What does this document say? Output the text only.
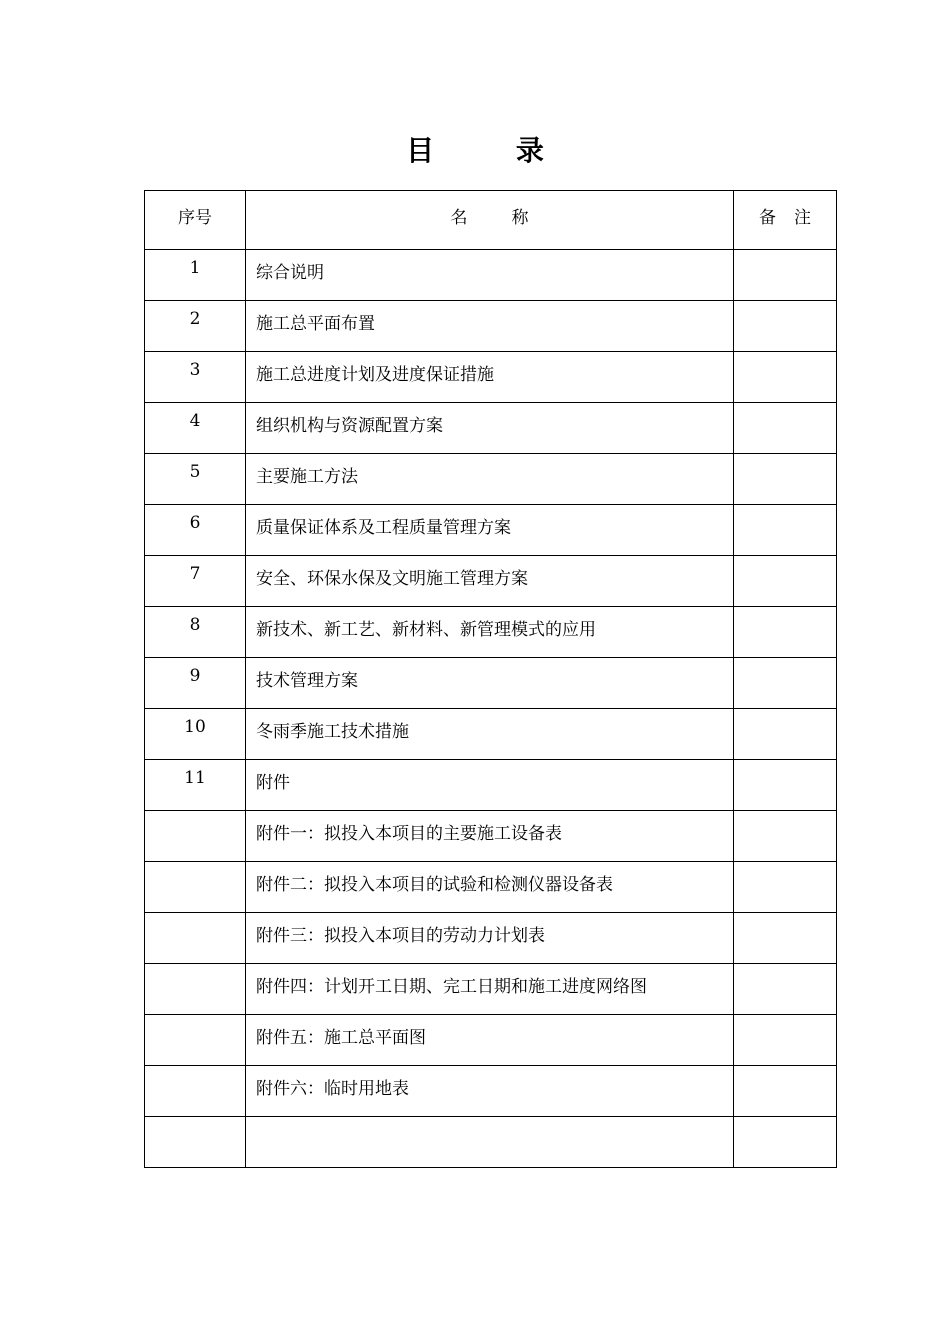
目 录
序号	名称	备注
1	综合说明	
2	施工总平面布置	
3	施工总进度计划及进度保证措施	
4	组织机构与资源配置方案	
5	主要施工方法	
6	质量保证体系及工程质量管理方案	
7	安全、环保水保及文明施工管理方案	
8	新技术、新工艺、新材料、新管理模式的应用	
9	技术管理方案	
10	冬雨季施工技术措施	
11	附件	
	附件一：拟投入本项目的主要施工设备表	
	附件二：拟投入本项目的试验和检测仪器设备表	
	附件三：拟投入本项目的劳动力计划表	
	附件四：计划开工日期、完工日期和施工进度网络图	
	附件五：施工总平面图	
	附件六：临时用地表	
